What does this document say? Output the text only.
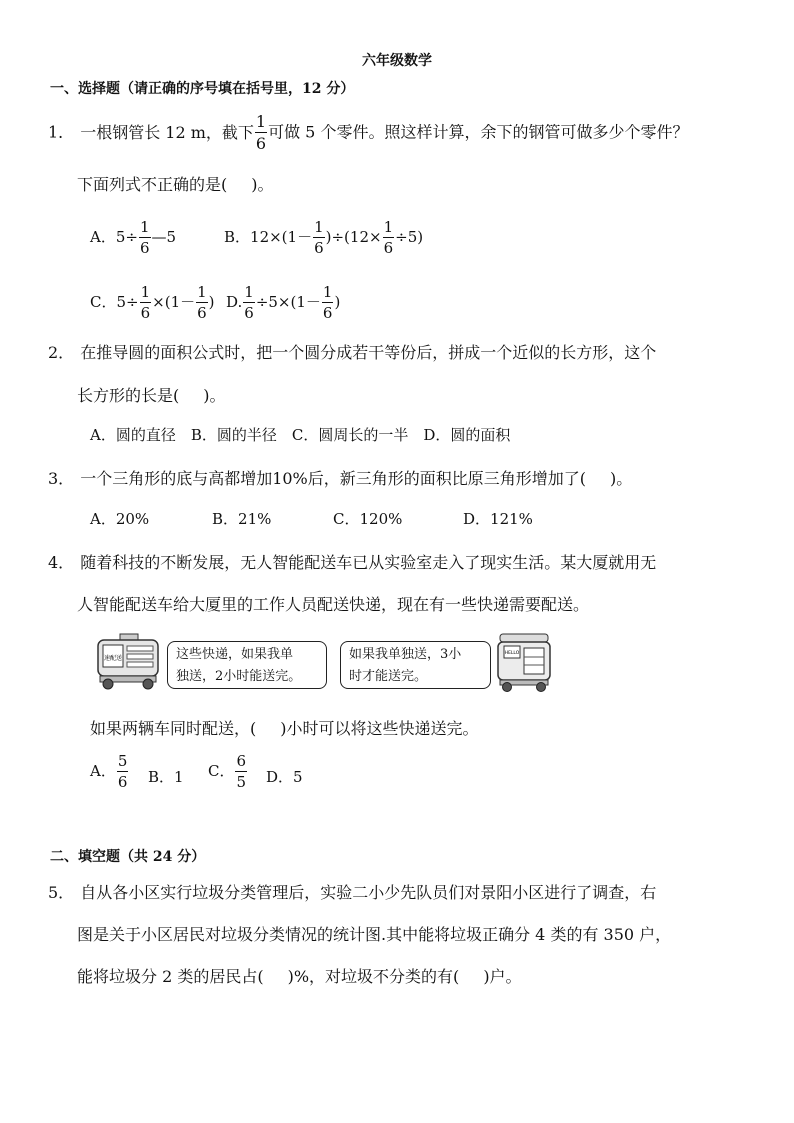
六年级数学
一、选择题（请正确的序号填在括号里，12 分）
1． 一根钢管长 12 m，截下 $\frac{1}{6}$ 可做 5 个零件。照这样计算，余下的钢管可做多少个零件？
下面列式不正确的是( )。
A．$5\div \frac{1}{6}$ —5	B．$12\times(1- \frac{1}{6} )\div(12\times \frac{1}{6} \div 5)$
C．$5\div \frac{1}{6} \times(1- \frac{1}{6}$ ) D. $\frac{1}{6} \div 5\times(1- \frac{1}{6}$ )
2． 在推导圆的面积公式时，把一个圆分成若干等份后，拼成一个近似的长方形，这个
长方形的长是( )。
A．圆的直径　B．圆的半径　C．圆周长的一半　D．圆的面积
3． 一个三角形的底与高都增加10%后，新三角形的面积比原三角形增加了( )。
A．20%	B．21%	C．120%	D．121%
4． 随着科技的不断发展，无人智能配送车已从实验室走入了现实生活。某大厦就用无
人智能配送车给大厦里的工作人员配送快递，现在有一些快递需要配送。
速配送	这些快递，如果我单
独送，2小时能送完。
如果我单独送，3小
时才能送完。
HELLO
如果两辆车同时配送，( )小时可以将这些快递送完。
A． $\frac{5}{6}$ B．1 C． $\frac{6}{5}$ D．5
二、填空题（共 24 分）
5． 自从各小区实行垃圾分类管理后，实验二小少先队员们对景阳小区进行了调查，右
图是关于小区居民对垃圾分类情况的统计图.其中能将垃圾正确分 4 类的有 350 户，
能将垃圾分 2 类的居民占( )%，对垃圾不分类的有( )户。
